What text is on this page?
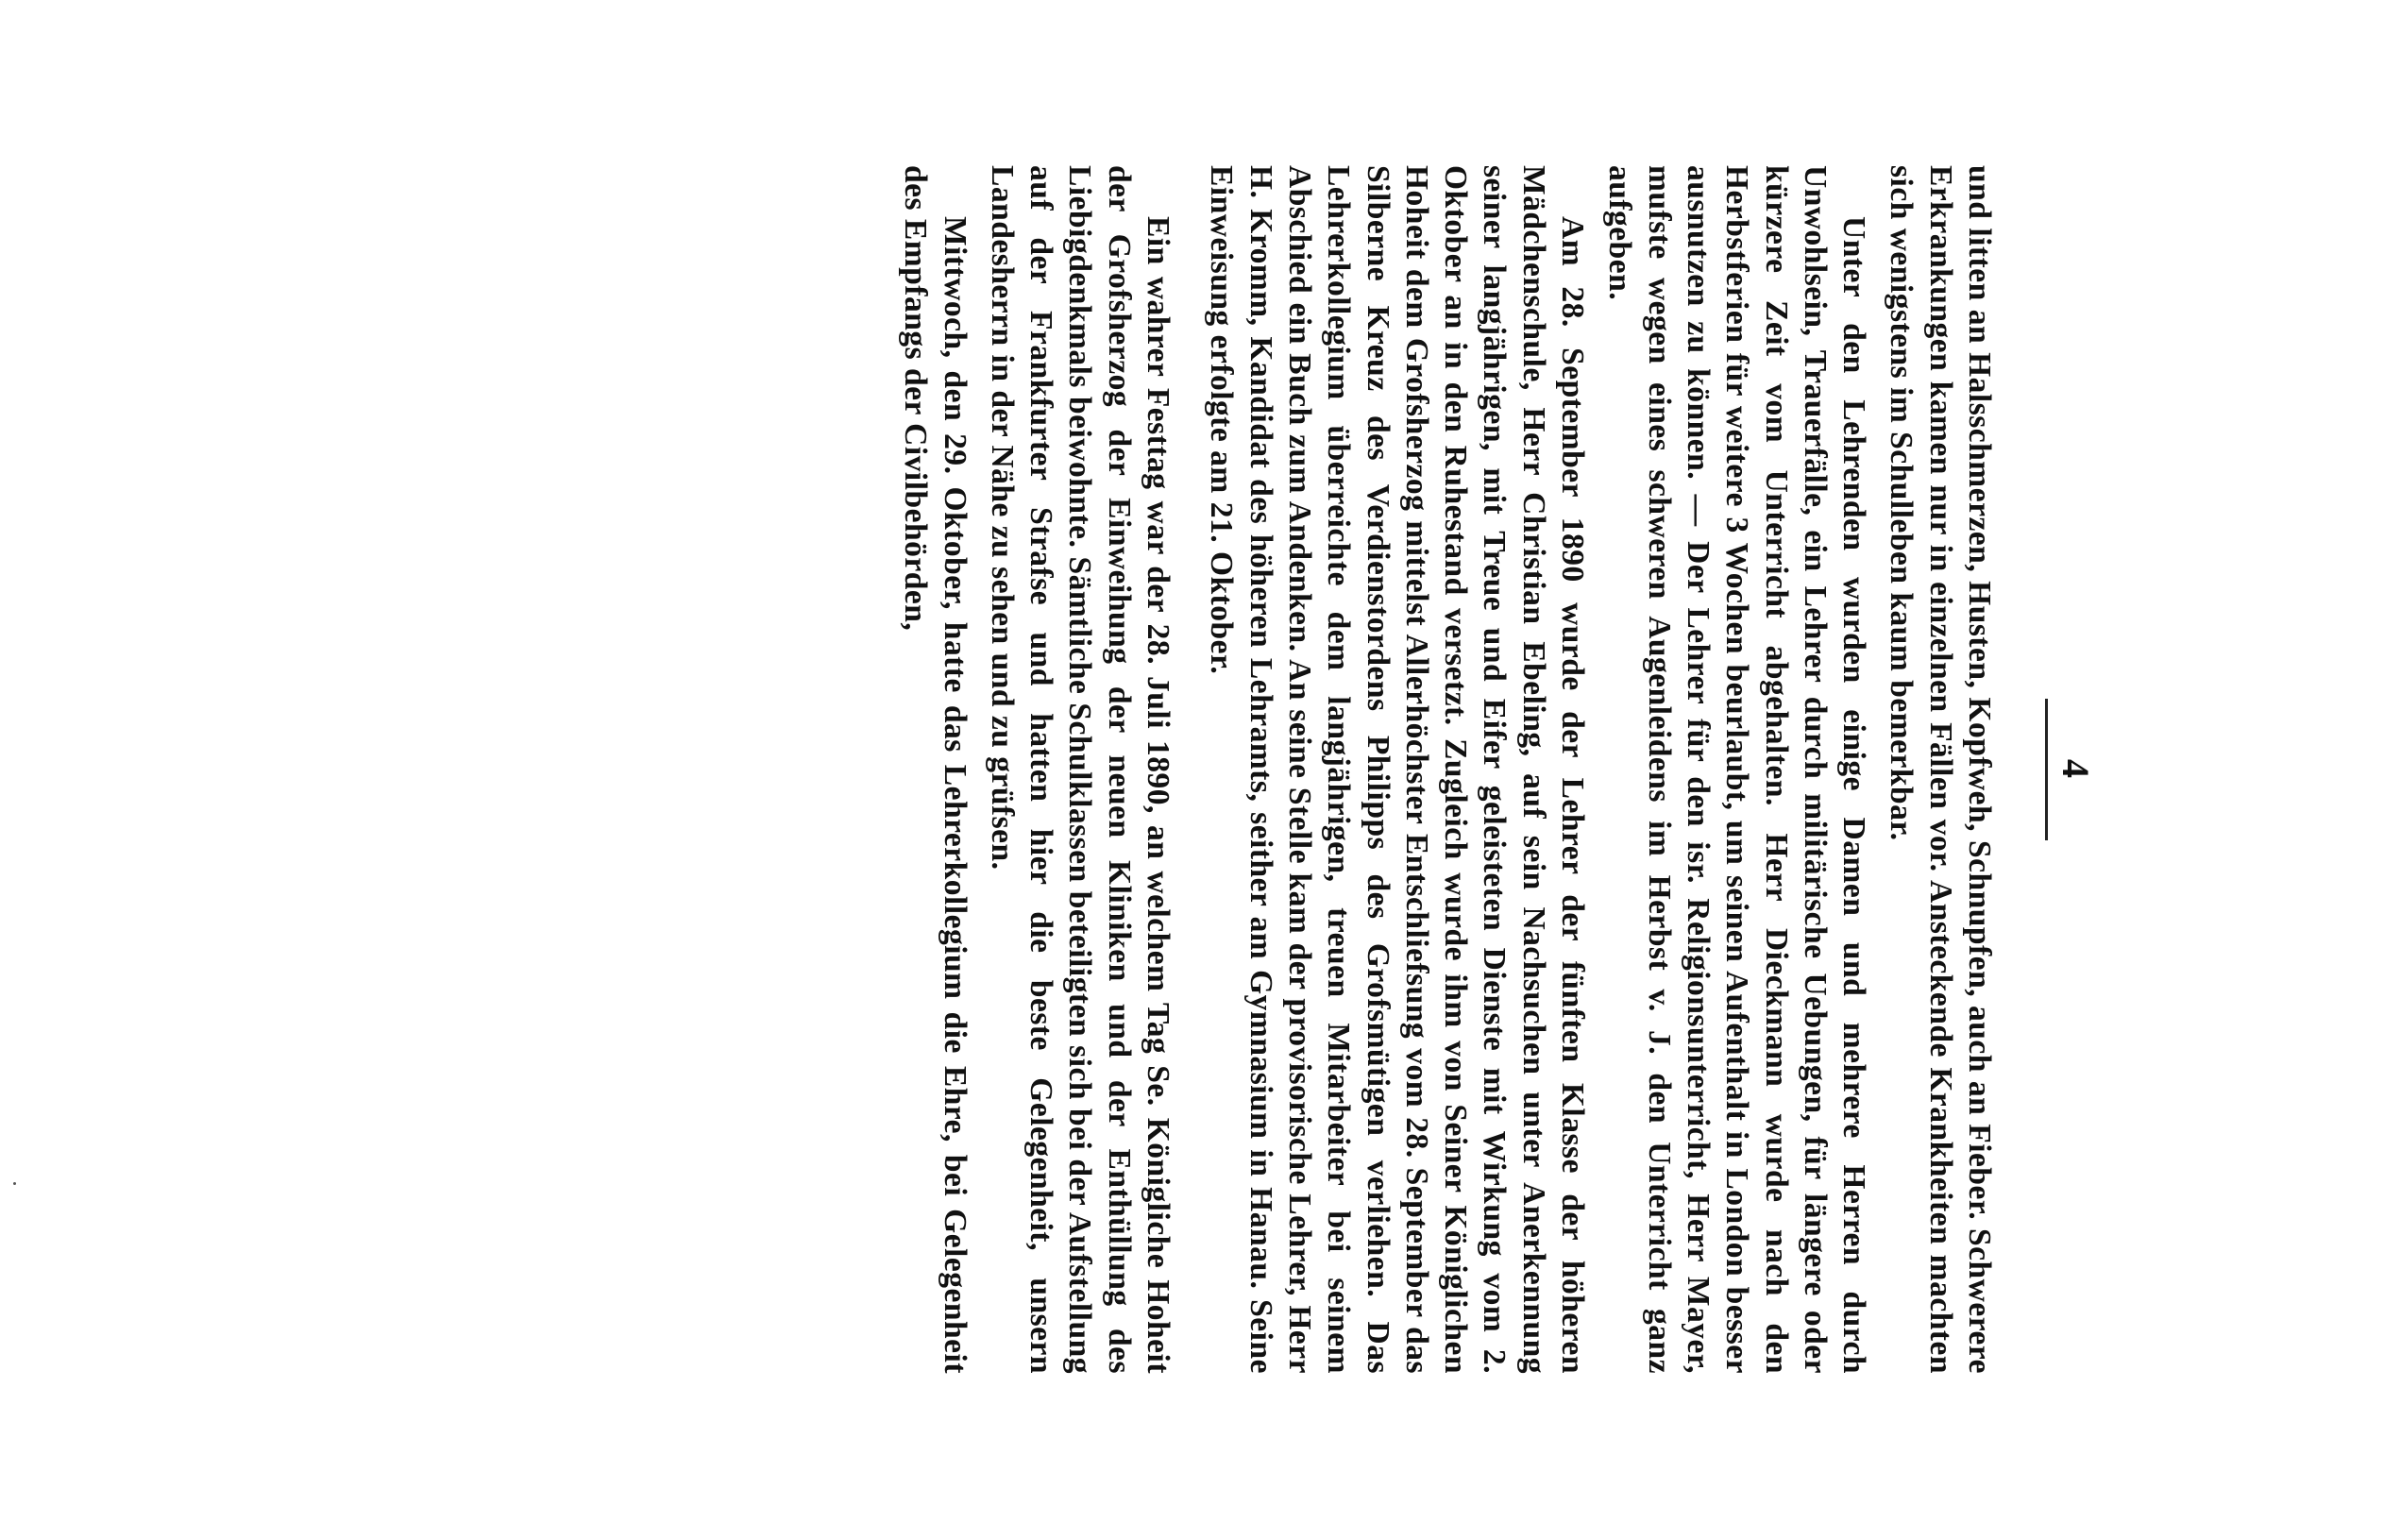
4

und litten an Halsschmerzen, Husten, Kopfweh, Schnupfen, auch an Fieber. Schwerere Erkrankungen kamen nur in einzelnen Fällen vor. Ansteckende Krankheiten machten sich wenigstens im Schulleben kaum bemerkbar.

Unter den Lehrenden wurden einige Damen und mehrere Herren durch Unwohlsein, Trauerfälle, ein Lehrer durch militärische Uebungen, für längere oder kürzere Zeit vom Unterricht abgehalten. Herr Dieckmann wurde nach den Herbstferien für weitere 3 Wochen beurlaubt, um seinen Aufenthalt in London besser ausnutzen zu können. — Der Lehrer für den isr. Religionsunterricht, Herr Mayer, mufste wegen eines schweren Augenleidens im Herbst v. J. den Unterricht ganz aufgeben.

Am 28. September 1890 wurde der Lehrer der fünften Klasse der höheren Mädchenschule, Herr Christian Ebeling, auf sein Nachsuchen unter Anerkennung seiner langjährigen, mit Treue und Eifer geleisteten Dienste mit Wirkung vom 2. Oktober an in den Ruhestand versetzt. Zugleich wurde ihm von Seiner Königlichen Hoheit dem Grofsherzog mittelst Allerhöchster Entschliefsung vom 28. September das Silberne Kreuz des Verdienstordens Philipps des Grofsmütigen verliehen. Das Lehrerkollegium überreichte dem langjährigen, treuen Mitarbeiter bei seinem Abschied ein Buch zum Andenken. An seine Stelle kam der provisorische Lehrer, Herr H. Kromm, Kandidat des höheren Lehramts, seither am Gymnasium in Hanau. Seine Einweisung erfolgte am 21. Oktober.

Ein wahrer Festtag war der 28. Juli 1890, an welchem Tag Se. Königliche Hoheit der Grofsherzog der Einweihung der neuen Kliniken und der Enthüllung des Liebigdenkmals beiwohnte. Sämtliche Schulklassen beteiligten sich bei der Aufstellung auf der Frankfurter Strafse und hatten hier die beste Gelegenheit, unsern Landesherrn in der Nähe zu sehen und zu grüfsen.

Mittwoch, den 29. Oktober, hatte das Lehrerkollegium die Ehre, bei Gelegenheit des Empfangs der Civilbehörden,
